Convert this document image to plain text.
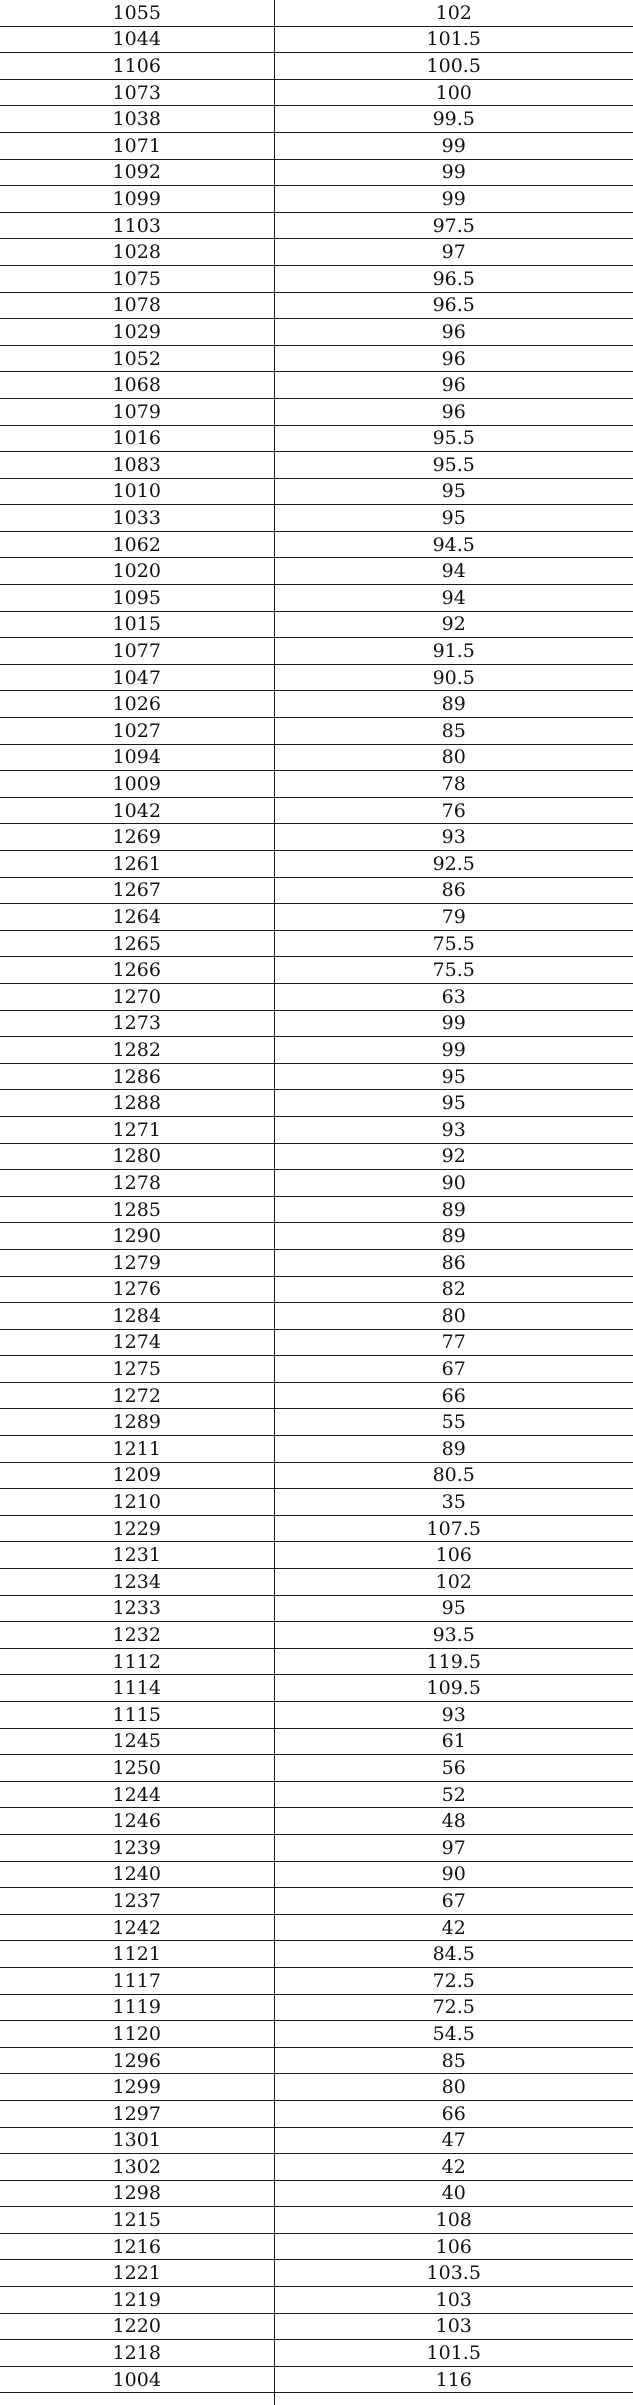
1055	102
1044	101.5
1106	100.5
1073	100
1038	99.5
1071	99
1092	99
1099	99
1103	97.5
1028	97
1075	96.5
1078	96.5
1029	96
1052	96
1068	96
1079	96
1016	95.5
1083	95.5
1010	95
1033	95
1062	94.5
1020	94
1095	94
1015	92
1077	91.5
1047	90.5
1026	89
1027	85
1094	80
1009	78
1042	76
1269	93
1261	92.5
1267	86
1264	79
1265	75.5
1266	75.5
1270	63
1273	99
1282	99
1286	95
1288	95
1271	93
1280	92
1278	90
1285	89
1290	89
1279	86
1276	82
1284	80
1274	77
1275	67
1272	66
1289	55
1211	89
1209	80.5
1210	35
1229	107.5
1231	106
1234	102
1233	95
1232	93.5
1112	119.5
1114	109.5
1115	93
1245	61
1250	56
1244	52
1246	48
1239	97
1240	90
1237	67
1242	42
1121	84.5
1117	72.5
1119	72.5
1120	54.5
1296	85
1299	80
1297	66
1301	47
1302	42
1298	40
1215	108
1216	106
1221	103.5
1219	103
1220	103
1218	101.5
1004	116
